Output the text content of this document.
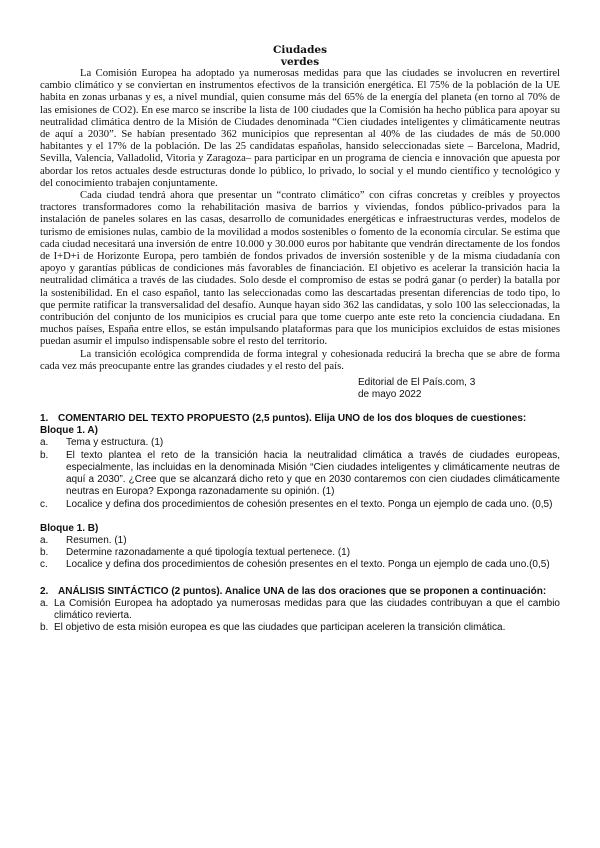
Ciudades
verdes

La Comisión Europea ha adoptado ya numerosas medidas para que las ciudades se involucren en revertirel cambio climático y se conviertan en instrumentos efectivos de la transición energética. El 75% de la población de la UE habita en zonas urbanas y es, a nivel mundial, quien consume más del 65% de la energía del planeta (en torno al 70% de las emisiones de CO2). En ese marco se inscribe la lista de 100 ciudades que la Comisión ha hecho pública para apoyar su neutralidad climática dentro de la Misión de Ciudades denominada “Cien ciudades inteligentes y climáticamente neutras de aquí a 2030”. Se habían presentado 362 municipios que representan al 40% de las ciudades de más de 50.000 habitantes y el 17% de la población. De las 25 candidatas españolas, hansido seleccionadas siete – Barcelona, Madrid, Sevilla, Valencia, Valladolid, Vitoria y Zaragoza– para participar en un programa de ciencia e innovación que apuesta por abordar los retos actuales desde estructuras donde lo público, lo privado, lo social y el mundo científico y tecnológico y del conocimiento trabajen conjuntamente.

Cada ciudad tendrá ahora que presentar un “contrato climático” con cifras concretas y creíbles y proyectos tractores transformadores como la rehabilitación masiva de barrios y viviendas, fondos público-privados para la instalación de paneles solares en las casas, desarrollo de comunidades energéticas e infraestructuras verdes, modelos de turismo de emisiones nulas, cambio de la movilidad a modos sostenibles o fomento de la economía circular. Se estima que cada ciudad necesitará una inversión de entre 10.000 y 30.000 euros por habitante que vendrán directamente de los fondos de I+D+i de Horizonte Europa, pero también de fondos privados de inversión sostenible y de la misma ciudadanía con apoyo y garantías públicas de condiciones más favorables de financiación. El objetivo es acelerar la transición hacia la neutralidad climática a través de las ciudades. Solo desde el compromiso de estas se podrá ganar (o perder) la batalla por la sostenibilidad. En el caso español, tanto las seleccionadas como las descartadas presentan diferencias de todo tipo, lo que permite ratificar la transversalidad del desafío. Aunque hayan sido 362 las candidatas, y solo 100 las seleccionadas, la contribución del conjunto de los municipios es crucial para que tome cuerpo ante este reto la conciencia ciudadana. En muchos países, España entre ellos, se están impulsando plataformas para que los municipios excluidos de estas misiones puedan asumir el impulso indispensable sobre el resto del territorio.

La transición ecológica comprendida de forma integral y cohesionada reducirá la brecha que se abre de forma cada vez más preocupante entre las grandes ciudades y el resto del país.

Editorial de El País.com, 3 de mayo 2022
1. COMENTARIO DEL TEXTO PROPUESTO (2,5 puntos). Elija UNO de los dos bloques de cuestiones:
Bloque 1. A)
a.	Tema y estructura. (1)
b.	El texto plantea el reto de la transición hacia la neutralidad climática a través de ciudades europeas, especialmente, las incluidas en la denominada Misión “Cien ciudades inteligentes y climáticamente neutras de aquí a 2030”. ¿Cree que se alcanzará dicho reto y que en 2030 contaremos con cien ciudades climáticamente neutras en Europa? Exponga razonadamente su opinión. (1)
c.	Localice y defina dos procedimientos de cohesión presentes en el texto. Ponga un ejemplo de cada uno. (0,5)
Bloque 1. B)
a.	Resumen. (1)
b.	Determine razonadamente a qué tipología textual pertenece. (1)
c.	Localice y defina dos procedimientos de cohesión presentes en el texto. Ponga un ejemplo de cada uno.(0,5)
2. ANÁLISIS SINTÁCTICO (2 puntos). Analice UNA de las dos oraciones que se proponen a continuación:
a. La Comisión Europea ha adoptado ya numerosas medidas para que las ciudades contribuyan a que el cambio climático revierta.
b. El objetivo de esta misión europea es que las ciudades que participan aceleren la transición climática.
